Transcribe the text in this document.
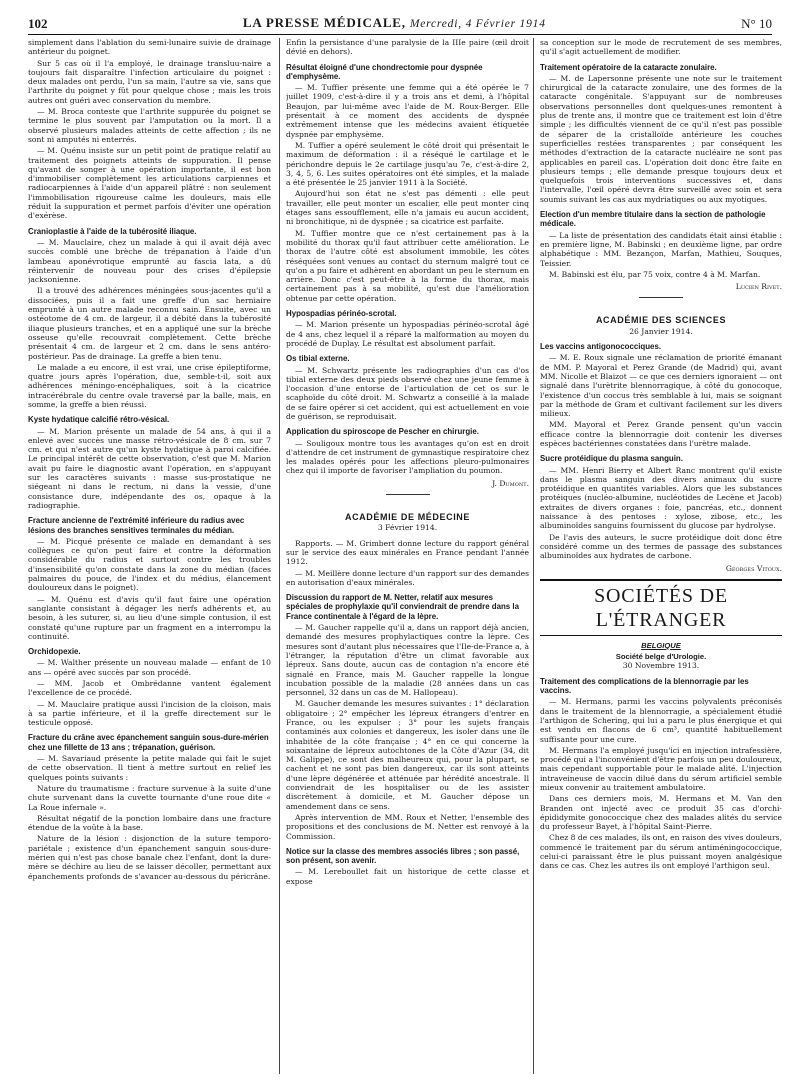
102	LA PRESSE MÉDICALE, Mercredi, 4 Février 1914	N° 10

simplement dans l'ablation du semi-lunaire suivie de drainage antérieur du poignet.

Sur 5 cas où il l'a employé, le drainage transluu-naire a toujours fait disparaître l'infection articulaire du poignet : deux malades ont perdu, l'un sa main, l'autre sa vie, sans que l'arthrite du poignet y fût pour quelque chose ; mais les trois autres ont guéri avec conservation du membre.

— M. Broca conteste que l'arthrite suppurée du poignet se termine le plus souvent par l'amputation ou la mort. Il a observé plusieurs malades atteints de cette affection ; ils ne sont ni amputés ni enterrés.

— M. Quénu insiste sur un petit point de pratique relatif au traitement des poignets atteints de suppuration. Il pense qu'avant de songer à une opération importante, il est bon d'immobiliser complètement les articulations carpiennes et radiocarpiennes à l'aide d'un appareil plâtré : non seulement l'immobilisation rigoureuse calme les douleurs, mais elle réduit la suppuration et permet parfois d'éviter une opération d'exérèse.

Cranioplastie à l'aide de la tubérosité iliaque.

— M. Mauclaire, chez un malade à qui il avait déjà avec succès comblé une brèche de trépanation à l'aide d'un lambeau aponévrotique emprunté au fascia lata, a dû réintervenir de nouveau pour des crises d'épilepsie jacksonienne.

Il a trouvé des adhérences méningées sous-jacentes qu'il a dissociées, puis il a fait une greffe d'un sac herniaire emprunté à un autre malade reconnu sain. Ensuite, avec un ostéotome de 4 cm. de largeur, il a débité dans la tubérosité iliaque plusieurs tranches, et en a appliqué une sur la brèche osseuse qu'elle recouvrait complètement. Cette brèche présentait 4 cm. de largeur et 2 cm. dans le sens antéro-postérieur. Pas de drainage. La greffe a bien tenu.

Le malade a eu encore, il est vrai, une crise épileptiforme, quatre jours après l'opération, due, semble-t-il, soit aux adhérences méningo-encéphaliques, soit à la cicatrice intracérébrale du centre ovale traversé par la balle, mais, en somme, la greffe a bien réussi.

Kyste hydatique calcifié rétro-vésical.

— M. Marion présente un malade de 54 ans, à qui il a enlevé avec succès une masse rétro-vésicale de 8 cm. sur 7 cm. et qui n'est autre qu'un kyste hydatique à paroi calcifiée. Le principal intérêt de cette observation, c'est que M. Marion avait pu faire le diagnostic avant l'opération, en s'appuyant sur les caractères suivants : masse sus-prostatique ne siégeant ni dans le rectum, ni dans la vessie, d'une consistance dure, indépendante des os, opaque à la radiographie.

Fracture ancienne de l'extrémité inférieure du radius avec lésions des branches sensitives terminales du médian.

— M. Picqué présente ce malade en demandant à ses collègues ce qu'on peut faire et contre la déformation considérable du radius et surtout contre les troubles d'insensibilité qu'on constate dans la zone du médian (faces palmaires du pouce, de l'index et du médius, élancement douloureux dans le poignet).

— M. Quénu est d'avis qu'il faut faire une opération sanglante consistant à dégager les nerfs adhérents et, au besoin, à les suturer, si, au lieu d'une simple contusion, il est constaté qu'une rupture par un fragment en a interrompu la continuité.

Orchidopexie.

— M. Walther présente un nouveau malade — enfant de 10 ans — opéré avec succès par son procédé.

— MM. Jacob et Ombrédanne vantent également l'excellence de ce procédé.

— M. Mauclaire pratique aussi l'incision de la cloison, mais à sa partie inférieure, et il la greffe directement sur le testicule opposé.

Fracture du crâne avec épanchement sanguin sous-dure-mérien chez une fillette de 13 ans ; trépanation, guérison.

— M. Savariaud présente la petite malade qui fait le sujet de cette observation. Il tient à mettre surtout en relief les quelques points suivants :

Nature du traumatisme : fracture survenue à la suite d'une chute survenant dans la cuvette tournante d'une roue dite « La Roue infernale ».

Résultat négatif de la ponction lombaire dans une fracture étendue de la voûte à la base.

Nature de la lésion : disjonction de la suture temporo-pariétale ; existence d'un épanchement sanguin sous-dure-mérien qui n'est pas chose banale chez l'enfant, dont la dure-mère se déchire au lieu de se laisser décoller, permettant aux épanchements profonds de s'avancer au-dessous du péricrâne.

Enfin la persistance d'une paralysie de la IIIe paire (œil droit dévié en dehors).

Résultat éloigné d'une chondrectomie pour dyspnée d'emphysème.

— M. Tuffier présente une femme qui a été opérée le 7 juillet 1909, c'est-à-dire il y a trois ans et demi, à l'hôpital Beaujon, par lui-même avec l'aide de M. Roux-Berger. Elle présentait à ce moment des accidents de dyspnée extrêmement intense que les médecins avaient étiquetée dyspnée par emphysème.

M. Tuffier a opéré seulement le côté droit qui présentait le maximum de déformation : il a réséqué le cartilage et le périchondre depuis le 2e cartilage jusqu'au 7e, c'est-à-dire 2, 3, 4, 5, 6. Les suites opératoires ont été simples, et la malade a été présentée le 25 janvier 1911 à la Société.

Aujourd'hui son état ne s'est pas démenti : elle peut travailler, elle peut monter un escalier, elle peut monter cinq étages sans essoufflement, elle n'a jamais eu aucun accident, ni bronchitique, ni de dyspnée ; sa cicatrice est parfaite.

M. Tuffier montre que ce n'est certainement pas à la mobilité du thorax qu'il faut attribuer cette amélioration. Le thorax de l'autre côté est absolument immobile, les côtes réséquées sont venues au contact du sternum malgré tout ce qu'on a pu faire et adhèrent en abordant un peu le sternum en arrière. Donc c'est peut-être à la forme du thorax, mais certainement pas à sa mobilité, qu'est due l'amélioration obtenue par cette opération.

Hypospadias périnéo-scrotal.

— M. Marion présente un hypospadias périnéo-scrotal âgé de 4 ans, chez lequel il a réparé la malformation au moyen du procédé de Duplay. Le résultat est absolument parfait.

Os tibial externe.

— M. Schwartz présente les radiographies d'un cas d'os tibial externe des deux pieds observé chez une jeune femme à l'occasion d'une entorse de l'articulation de cet os sur le scaphoïde du côté droit. M. Schwartz a conseillé à la malade de se faire opérer si cet accident, qui est actuellement en voie de guérison, se reproduisait.

Application du spiroscope de Pescher en chirurgie.

— Souligoux montre tous les avantages qu'on est en droit d'attendre de cet instrument de gymnastique respiratoire chez les malades opérés pour les affections pleuro-pulmonaires chez qui il importe de favoriser l'ampliation du poumon.

J. Dumont.
ACADÉMIE DE MÉDECINE

3 Février 1914.

Rapports. — M. Grimbert donne lecture du rapport général sur le service des eaux minérales en France pendant l'année 1912.

— M. Meillère donne lecture d'un rapport sur des demandes en autorisation d'eaux minérales.

Discussion du rapport de M. Netter, relatif aux mesures spéciales de prophylaxie qu'il conviendrait de prendre dans la France continentale à l'égard de la lèpre.

— M. Gaucher rappelle qu'il a, dans un rapport déjà ancien, demandé des mesures prophylactiques contre la lèpre. Ces mesures sont d'autant plus nécessaires que l'Ile-de-France a, à l'étranger, la réputation d'être un climat favorable aux lépreux. Sans doute, aucun cas de contagion n'a encore été signalé en France, mais M. Gaucher rappelle la longue incubation possible de la maladie (28 années dans un cas personnel, 32 dans un cas de M. Hallopeau).

M. Gaucher demande les mesures suivantes : 1° déclaration obligatoire ; 2° empêcher les lépreux étrangers d'entrer en France, ou les expulser ; 3° pour les sujets français contaminés aux colonies et dangereux, les isoler dans une île inhabitée de la côte française ; 4° en ce qui concerne la soixantaine de lépreux autochtones de la Côte d'Azur (34, dit M. Galippe), ce sont des malheureux qui, pour la plupart, se cachent et ne sont pas bien dangereux, car ils sont atteints d'une lèpre dégénérée et atténuée par hérédité ancestrale. Il conviendrait de les hospitaliser ou de les assister discrètement à domicile, et M. Gaucher dépose un amendement dans ce sens.

Après intervention de MM. Roux et Netter, l'ensemble des propositions et des conclusions de M. Netter est renvoyé à la Commission.

Notice sur la classe des membres associés libres ; son passé, son présent, son avenir.

— M. Lereboullet fait un historique de cette classe et expose

sa conception sur le mode de recrutement de ses membres, qu'il s'agit actuellement de modifier.

Traitement opératoire de la cataracte zonulaire.

— M. de Lapersonne présente une note sur le traitement chirurgical de la cataracte zonulaire, une des formes de la cataracte congénitale. S'appuyant sur de nombreuses observations personnelles dont quelques-unes remontent à plus de trente ans, il montre que ce traitement est loin d'être simple ; les difficultés viennent de ce qu'il n'est pas possible de séparer de la cristalloïde antérieure les couches superficielles restées transparentes ; par conséquent les méthodes d'extraction de la cataracte nucléaire ne sont pas applicables en pareil cas. L'opération doit donc être faite en plusieurs temps ; elle demande presque toujours deux et quelquefois trois interventions successives et, dans l'intervalle, l'œil opéré devra être surveillé avec soin et sera soumis suivant les cas aux mydriatiques ou aux myotiques.

Election d'un membre titulaire dans la section de pathologie médicale.

— La liste de présentation des candidats était ainsi établie : en première ligne, M. Babinski ; en deuxième ligne, par ordre alphabétique : MM. Bezançon, Marfan, Mathieu, Souques, Teissier.

M. Babinski est élu, par 75 voix, contre 4 à M. Marfan.

Lucien Rivet.
ACADÉMIE DES SCIENCES

26 Janvier 1914.

Les vaccins antigonococciques.

— M. E. Roux signale une réclamation de priorité émanant de MM. P. Mayoral et Perez Grande (de Madrid) qui, avant MM. Nicolle et Blaizot — ce que ces derniers ignoraient — ont signalé dans l'urètrite blennorragique, à côté du gonocoque, l'existence d'un coccus très semblable à lui, mais se soignant par la méthode de Gram et cultivant facilement sur les divers milieux.

MM. Mayoral et Perez Grande pensent qu'un vaccin efficace contre la blennorragie doit contenir les diverses espèces bactériennes constatées dans l'urètre malade.

Sucre protéidique du plasma sanguin.

— MM. Henri Bierry et Albert Ranc montrent qu'il existe dans le plasma sanguin des divers animaux du sucre protéidique en quantités variables. Alors que les substances protéiques (nucléo-albumine, nucléotides de Lecène et Jacob) extraites de divers organes : foie, pancréas, etc., donnent naissance à des pentoses : xylose, zibose, etc., les albuminoïdes sanguins fournissent du glucose par hydrolyse.

De l'avis des auteurs, le sucre protéidique doit donc être considéré comme un des termes de passage des substances albuminoïdes aux hydrates de carbone.

Georges Vitoux.
SOCIÉTÉS DE L'ÉTRANGER

BELGIQUE

Société belge d'Urologie.

30 Novembre 1913.

Traitement des complications de la blennorragie par les vaccins.

— M. Hermans, parmi les vaccins polyvalents préconisés dans le traitement de la blennorragie, a spécialement étudié l'arthigon de Schering, qui lui a paru le plus énergique et qui est vendu en flacons de 6 cm³, quantité habituellement suffisante pour une cure.

M. Hermans l'a employé jusqu'ici en injection intrafessière, procédé qui a l'inconvénient d'être parfois un peu douloureux, mais cependant supportable pour le malade alité. L'injection intraveineuse de vaccin dilué dans du sérum artificiel semble mieux convenir au traitement ambulatoire.

Dans ces derniers mois, M. Hermans et M. Van den Branden ont injecté avec ce produit 35 cas d'orchi-épididymite gonococcique chez des malades alités du service du professeur Bayet, à l'hôpital Saint-Pierre.

Chez 8 de ces malades, ils ont, en raison des vives douleurs, commencé le traitement par du sérum antiméningococcique, celui-ci paraissant être le plus puissant moyen analgésique dans ce cas. Chez les autres ils ont employé l'arthigon seul.
